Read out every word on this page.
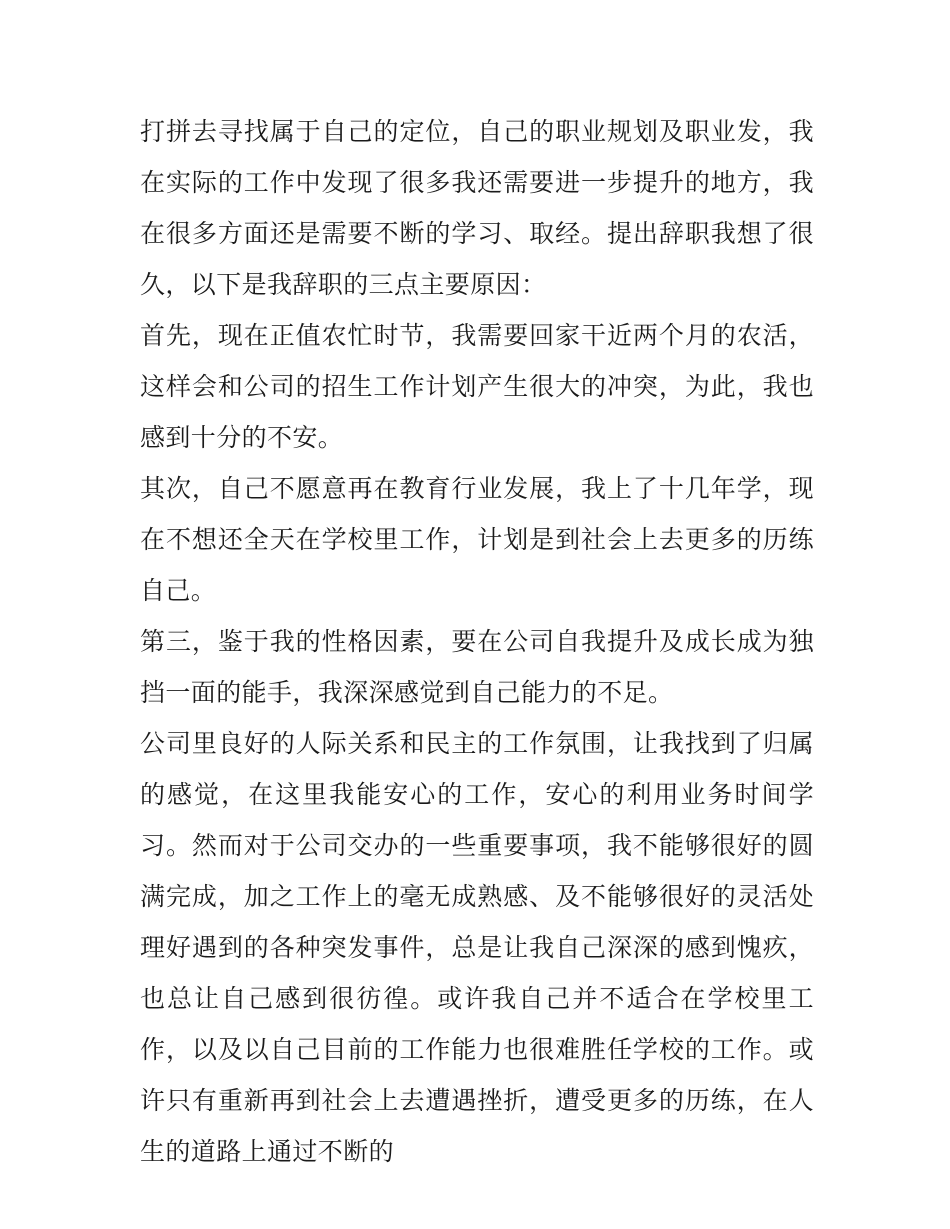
打拼去寻找属于自己的定位，自己的职业规划及职业发，我在实际的工作中发现了很多我还需要进一步提升的地方，我在很多方面还是需要不断的学习、取经。提出辞职我想了很久，以下是我辞职的三点主要原因：

首先，现在正值农忙时节，我需要回家干近两个月的农活，这样会和公司的招生工作计划产生很大的冲突，为此，我也感到十分的不安。

其次，自己不愿意再在教育行业发展，我上了十几年学，现在不想还全天在学校里工作，计划是到社会上去更多的历练自己。

第三，鉴于我的性格因素，要在公司自我提升及成长成为独挡一面的能手，我深深感觉到自己能力的不足。

公司里良好的人际关系和民主的工作氛围，让我找到了归属的感觉，在这里我能安心的工作，安心的利用业务时间学习。然而对于公司交办的一些重要事项，我不能够很好的圆满完成，加之工作上的毫无成熟感、及不能够很好的灵活处理好遇到的各种突发事件，总是让我自己深深的感到愧疚，也总让自己感到很彷徨。或许我自己并不适合在学校里工作，以及以自己目前的工作能力也很难胜任学校的工作。或许只有重新再到社会上去遭遇挫折，遭受更多的历练，在人生的道路上通过不断的
